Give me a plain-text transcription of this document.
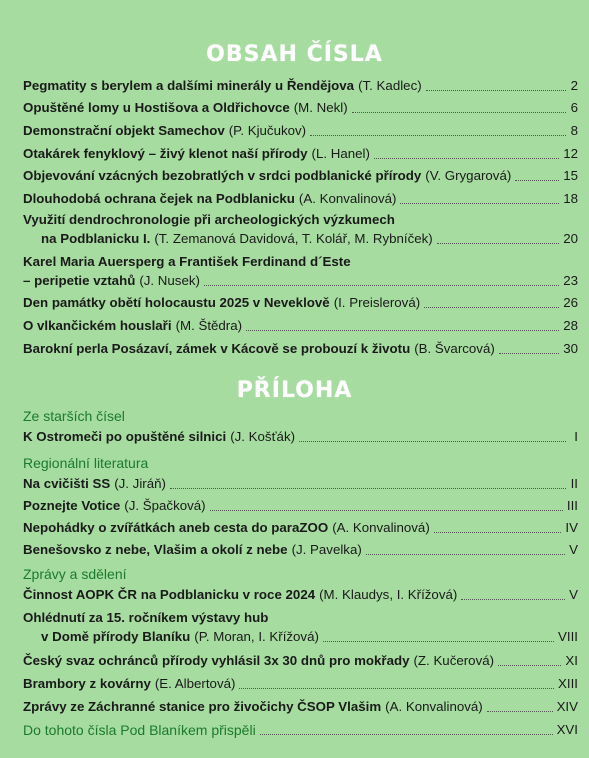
OBSAH ČÍSLA
Pegmatity s berylem a dalšími minerály u Řendějova (T. Kadlec)	2
Opuštěné lomy u Hostišova a Oldřichovce (M. Nekl)	6
Demonstrační objekt Samechov (P. Kjučukov)	8
Otakárek fenyklový – živý klenot naší přírody (L. Hanel)	12
Objevování vzácných bezobratlých v srdci podblanické přírody (V. Grygarová)	15
Dlouhodobá ochrana čejek na Podblanicku (A. Konvalinová)	18
Využití dendrochronologie při archeologických výzkumech
na Podblanicku I. (T. Zemanová Davidová, T. Kolář, M. Rybníček)	20
Karel Maria Auersperg a František Ferdinand d´Este
– peripetie vztahů (J. Nusek)	23
Den památky obětí holocaustu 2025 v Neveklově (I. Preislerová)	26
O vlkančickém houslaři (M. Štědra)	28
Barokní perla Posázaví, zámek v Kácově se probouzí k životu (B. Švarcová)	30
PŘÍLOHA
Ze starších čísel
K Ostromeči po opuštěné silnici (J. Košťák)	I
Regionální literatura
Na cvičišti SS (J. Jiráň)	II
Poznejte Votice (J. Špačková)	III
Nepohádky o zvířátkách aneb cesta do paraZOO (A. Konvalinová)	IV
Benešovsko z nebe, Vlašim a okolí z nebe (J. Pavelka)	V
Zprávy a sdělení
Činnost AOPK ČR na Podblanicku v roce 2024 (M. Klaudys, I. Křížová)	V
Ohlédnutí za 15. ročníkem výstavy hub
v Domě přírody Blaníku (P. Moran, I. Křížová)	VIII
Český svaz ochránců přírody vyhlásil 3x 30 dnů pro mokřady (Z. Kučerová)	XI
Brambory z kovárny (E. Albertová)	XIII
Zprávy ze Záchranné stanice pro živočichy ČSOP Vlašim (A. Konvalinová)	XIV
Do tohoto čísla Pod Blaníkem přispěli	XVI
